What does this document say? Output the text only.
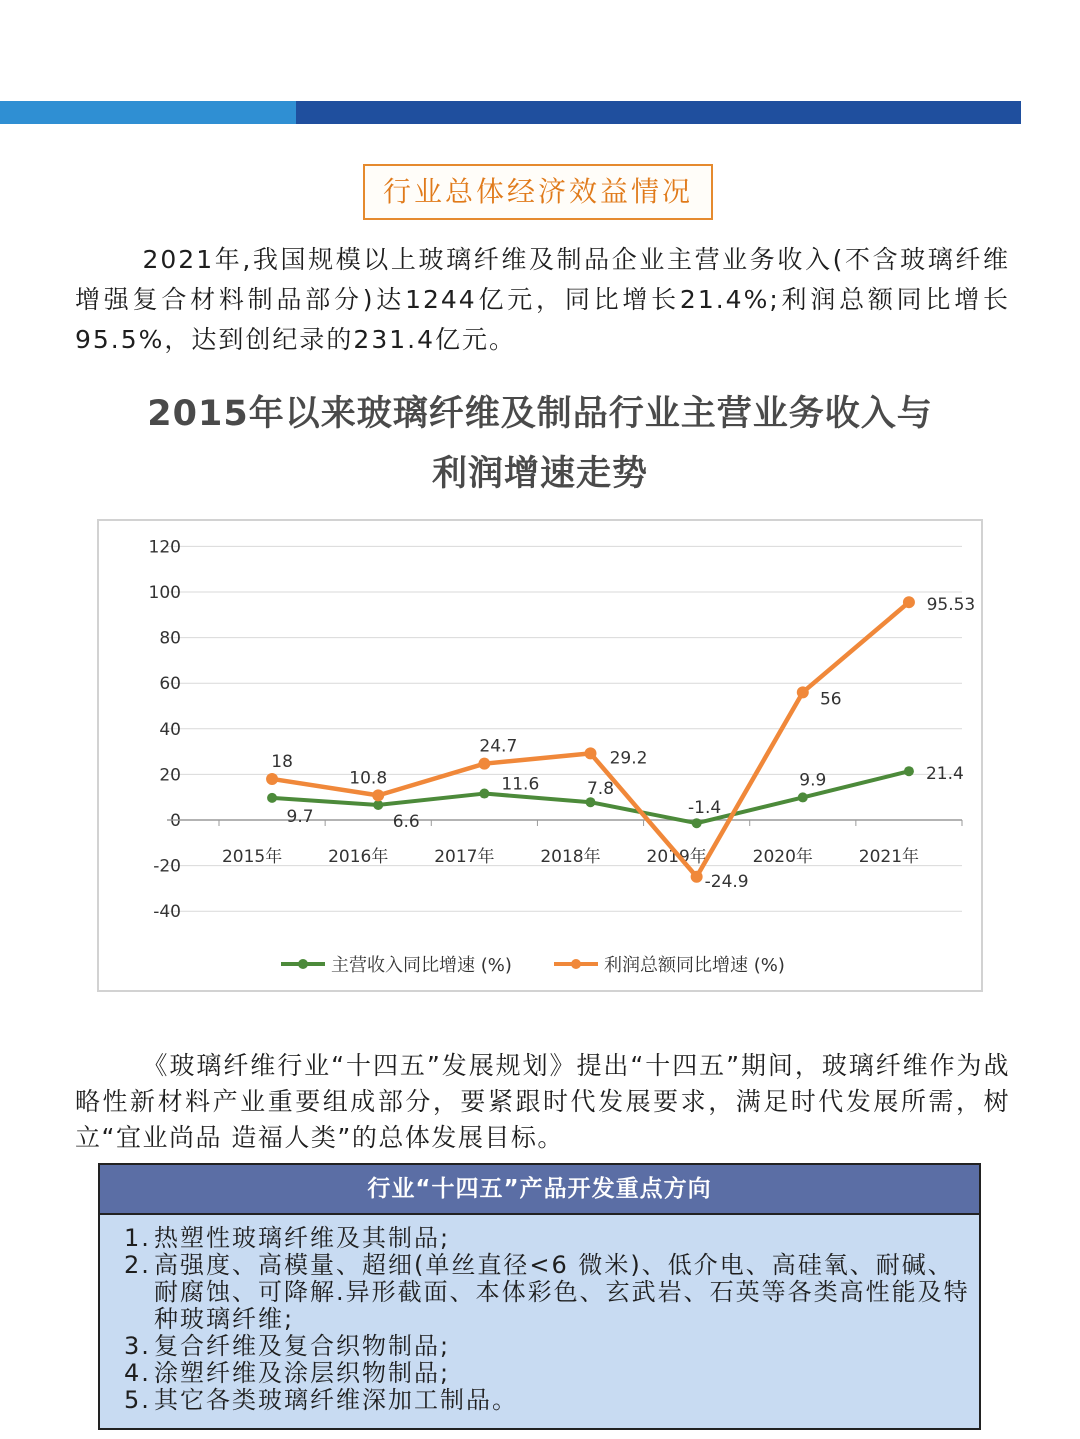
行业总体经济效益情况

2021年,我国规模以上玻璃纤维及制品企业主营业务收入(不含玻璃纤维增强复合材料制品部分)达1244亿元，同比增长21.4%;利润总额同比增长95.5%，达到创纪录的231.4亿元。

2015年以来玻璃纤维及制品行业主营业务收入与
利润增速走势
-40
-20
0
20
40
60
80
100
120
2015年	2016年	2017年	2018年	2019年	2020年	2021年
9.7	6.6
11.6	7.8
-1.4
9.9	21.4
18
10.8
24.7
29.2
-24.9
56
95.53
主营收入同比增速 (%)	利润总额同比增速 (%)

《玻璃纤维行业“十四五”发展规划》提出“十四五”期间，玻璃纤维作为战略性新材料产业重要组成部分，要紧跟时代发展要求，满足时代发展所需，树立“宜业尚品 造福人类”的总体发展目标。

行业“十四五”产品开发重点方向
1. 热塑性玻璃纤维及其制品;
2. 高强度、高模量、超细(单丝直径<6 微米)、低介电、高硅氧、耐碱、耐腐蚀、可降解.异形截面、本体彩色、玄武岩、石英等各类高性能及特种玻璃纤维;
3. 复合纤维及复合织物制品;
4. 涂塑纤维及涂层织物制品;
5. 其它各类玻璃纤维深加工制品。
